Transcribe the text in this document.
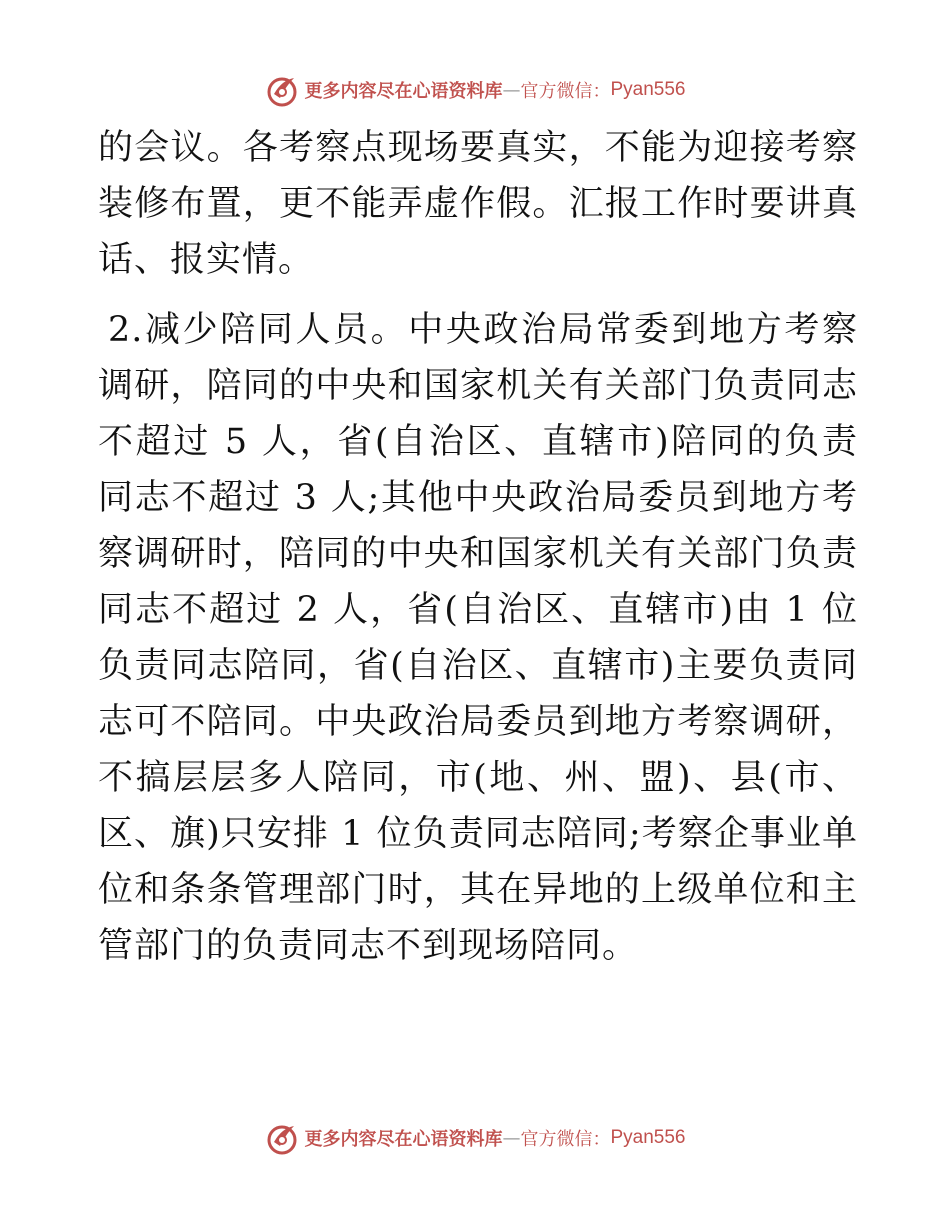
更多内容尽在心语资料库 — 官方微信： Pyan556

的会议。各考察点现场要真实，不能为迎接考察装修布置，更不能弄虚作假。汇报工作时要讲真话、报实情。

2.减少陪同人员。中央政治局常委到地方考察调研，陪同的中央和国家机关有关部门负责同志不超过 5 人，省(自治区、直辖市)陪同的负责同志不超过 3 人;其他中央政治局委员到地方考察调研时，陪同的中央和国家机关有关部门负责同志不超过 2 人，省(自治区、直辖市)由 1 位负责同志陪同，省(自治区、直辖市)主要负责同志可不陪同。中央政治局委员到地方考察调研，不搞层层多人陪同，市(地、州、盟)、县(市、区、旗)只安排 1 位负责同志陪同;考察企事业单位和条条管理部门时，其在异地的上级单位和主管部门的负责同志不到现场陪同。

更多内容尽在心语资料库 — 官方微信： Pyan556
